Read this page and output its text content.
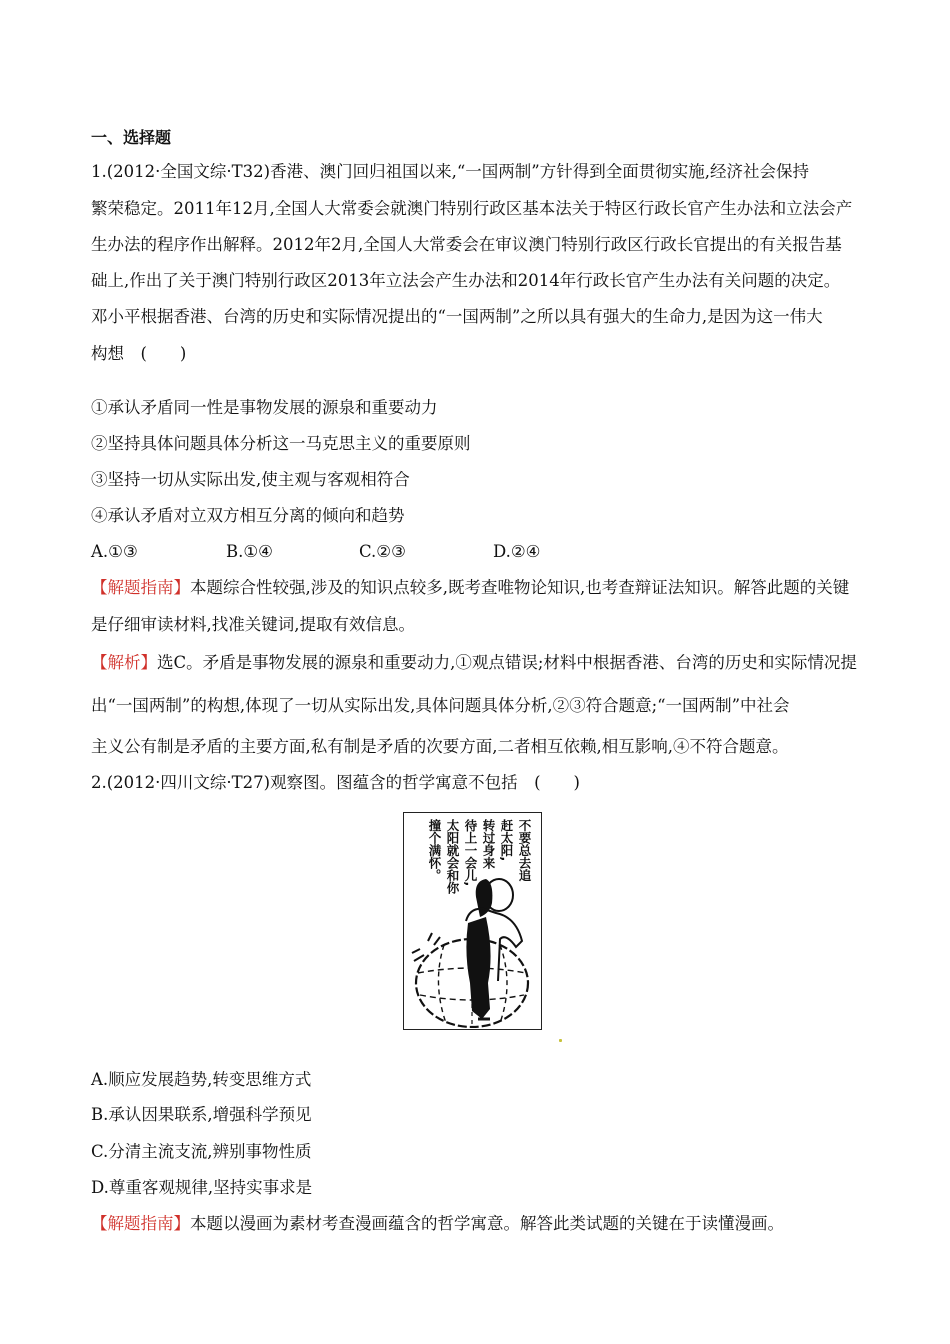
一、选择题
1.(2012·全国文综·T32)香港、澳门回归祖国以来,“一国两制”方针得到全面贯彻实施,经济社会保持
繁荣稳定。2011年12月,全国人大常委会就澳门特别行政区基本法关于特区行政长官产生办法和立法会产
生办法的程序作出解释。2012年2月,全国人大常委会在审议澳门特别行政区行政长官提出的有关报告基
础上,作出了关于澳门特别行政区2013年立法会产生办法和2014年行政长官产生办法有关问题的决定。
邓小平根据香港、台湾的历史和实际情况提出的“一国两制”之所以具有强大的生命力,是因为这一伟大
构想　(　　)
①承认矛盾同一性是事物发展的源泉和重要动力
②坚持具体问题具体分析这一马克思主义的重要原则
③坚持一切从实际出发,使主观与客观相符合
④承认矛盾对立双方相互分离的倾向和趋势
A.①③	B.①④	C.②③	D.②④
【解题指南】本题综合性较强,涉及的知识点较多,既考查唯物论知识,也考查辩证法知识。解答此题的关键
是仔细审读材料,找准关键词,提取有效信息。
【解析】选C。矛盾是事物发展的源泉和重要动力,①观点错误;材料中根据香港、台湾的历史和实际情况提
出“一国两制”的构想,体现了一切从实际出发,具体问题具体分析,②③符合题意;“一国两制”中社会
主义公有制是矛盾的主要方面,私有制是矛盾的次要方面,二者相互依赖,相互影响,④不符合题意。
2.(2012·四川文综·T27)观察图。图蕴含的哲学寓意不包括　(　　)
不要总去追
赶太阳,
转过身来
待上一会儿,
太阳就会和你
撞个满怀。
A.顺应发展趋势,转变思维方式
B.承认因果联系,增强科学预见
C.分清主流支流,辨别事物性质
D.尊重客观规律,坚持实事求是
【解题指南】本题以漫画为素材考查漫画蕴含的哲学寓意。解答此类试题的关键在于读懂漫画。
